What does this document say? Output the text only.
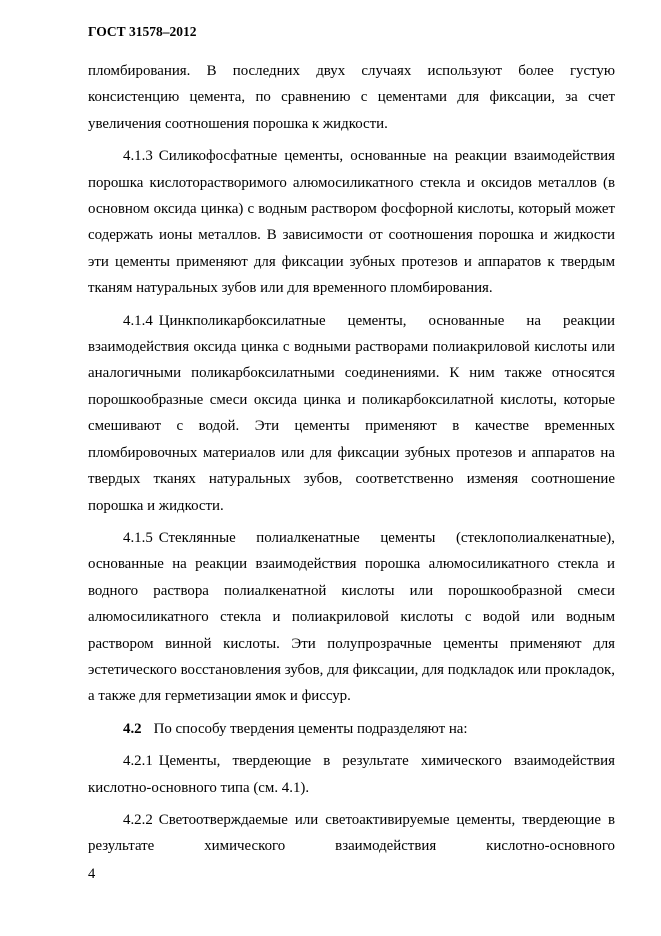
ГОСТ 31578–2012

пломбирования. В последних двух случаях используют более густую консистенцию цемента, по сравнению с цементами для фиксации, за счет увеличения соотношения порошка к жидкости.

4.1.3 Силикофосфатные цементы, основанные на реакции взаимодействия порошка кислоторастворимого алюмосиликатного стекла и оксидов металлов (в основном оксида цинка) с водным раствором фосфорной кислоты, который может содержать ионы металлов. В зависимости от соотношения порошка и жидкости эти цементы применяют для фиксации зубных протезов и аппаратов к твердым тканям натуральных зубов или для временного пломбирования.

4.1.4 Цинкполикарбоксилатные цементы, основанные на реакции взаимодействия оксида цинка с водными растворами полиакриловой кислоты или аналогичными поликарбоксилатными соединениями. К ним также относятся порошкообразные смеси оксида цинка и поликарбоксилатной кислоты, которые смешивают с водой. Эти цементы применяют в качестве временных пломбировочных материалов или для фиксации зубных протезов и аппаратов на твердых тканях натуральных зубов, соответственно изменяя соотношение порошка и жидкости.

4.1.5 Стеклянные полиалкенатные цементы (стеклополиалкенатные), основанные на реакции взаимодействия порошка алюмосиликатного стекла и водного раствора полиалкенатной кислоты или порошкообразной смеси алюмосиликатного стекла и полиакриловой кислоты с водой или водным раствором винной кислоты. Эти полупрозрачные цементы применяют для эстетического восстановления зубов, для фиксации, для подкладок или прокладок, а также для герметизации ямок и фиссур.

4.2 По способу твердения цементы подразделяют на:

4.2.1 Цементы, твердеющие в результате химического взаимодействия кислотно-основного типа (см. 4.1).

4.2.2 Светоотверждаемые или светоактивируемые цементы, твердеющие в результате химического взаимодействия кислотно-основного

4
